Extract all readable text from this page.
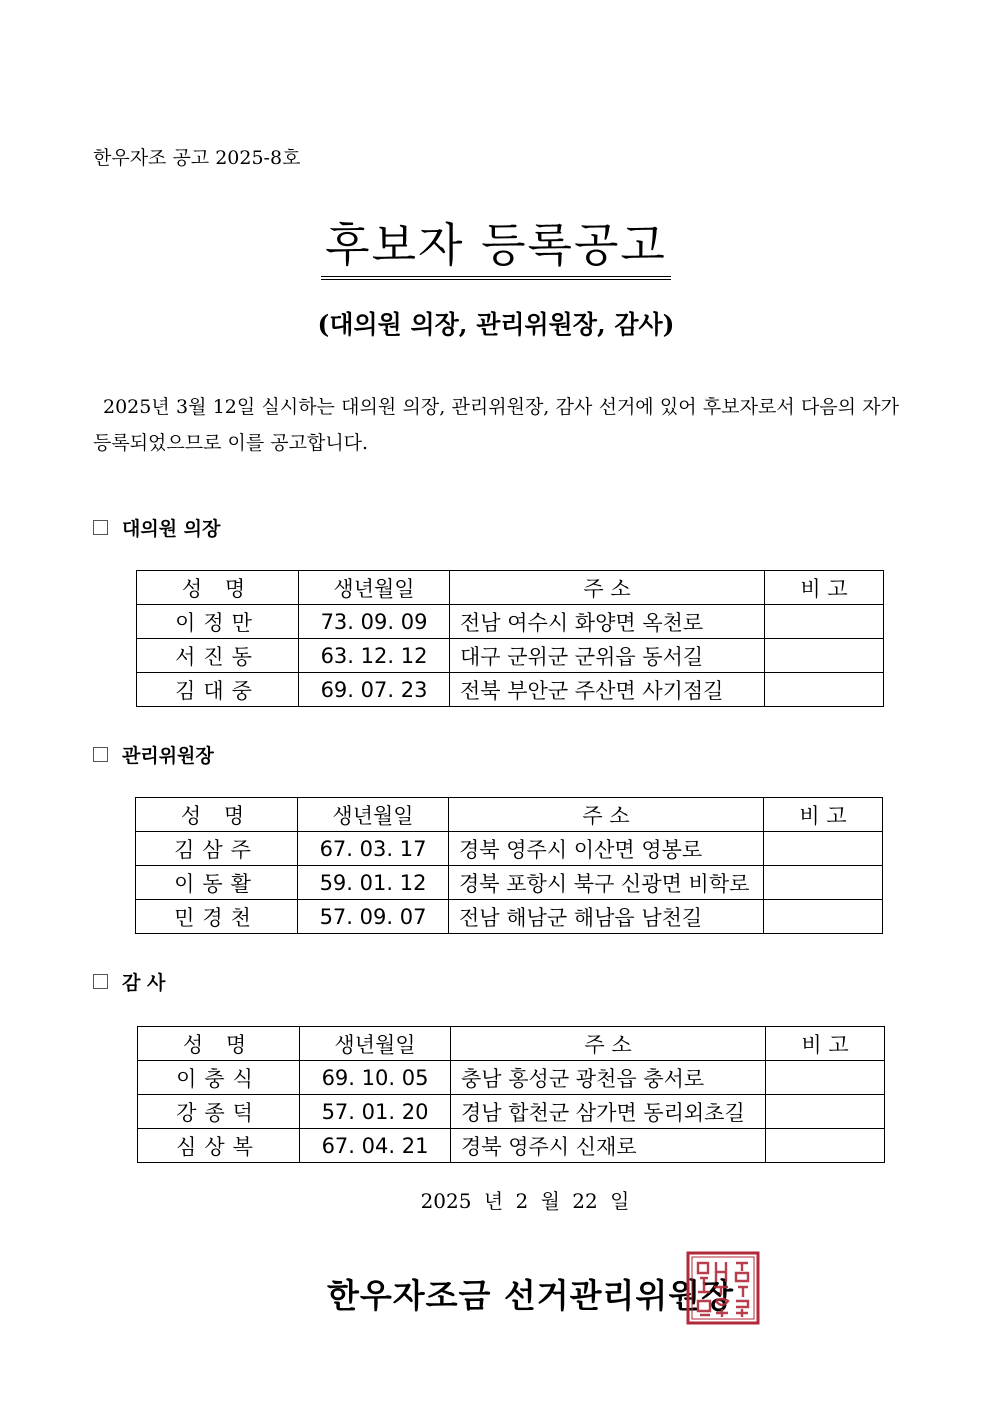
한우자조 공고 2025-8호
후보자 등록공고
(대의원 의장, 관리위원장, 감사)
2025년 3월 12일 실시하는 대의원 의장, 관리위원장, 감사 선거에 있어 후보자로서 다음의 자가 등록되었으므로 이를 공고합니다.
대의원 의장
성 명	생년월일	주 소	비 고
이정만	73. 09. 09	전남 여수시 화양면 옥천로	
서진동	63. 12. 12	대구 군위군 군위읍 동서길	
김대중	69. 07. 23	전북 부안군 주산면 사기점길	
관리위원장
성 명	생년월일	주 소	비 고
김삼주	67. 03. 17	경북 영주시 이산면 영봉로	
이동활	59. 01. 12	경북 포항시 북구 신광면 비학로	
민경천	57. 09. 07	전남 해남군 해남읍 남천길	
감 사
성 명	생년월일	주 소	비 고
이충식	69. 10. 05	충남 홍성군 광천읍 충서로	
강종덕	57. 01. 20	경남 합천군 삼가면 동리외초길	
심상복	67. 04. 21	경북 영주시 신재로	
2025 년 2 월 22 일
한우자조금 선거관리위원장
